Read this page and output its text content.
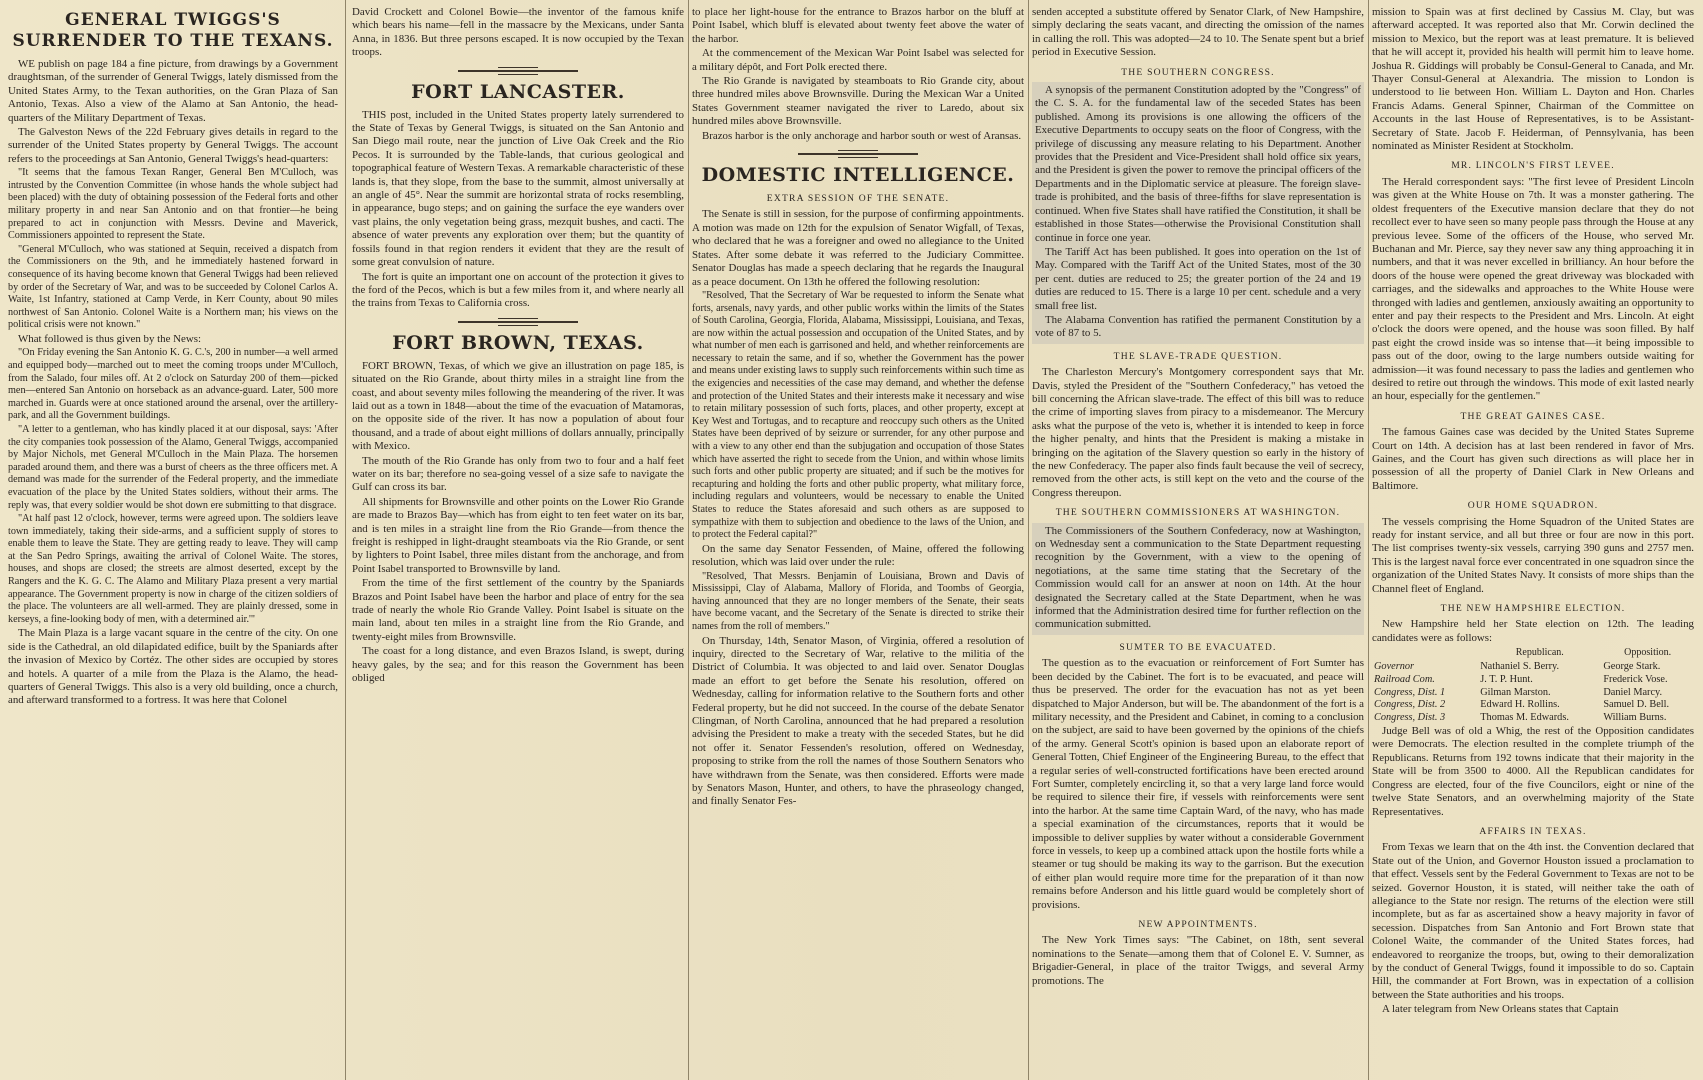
GENERAL TWIGGS'S SURRENDER TO THE TEXANS.

WE publish on page 184 a fine picture, from drawings by a Government draughtsman, of the surrender of General Twiggs, lately dismissed from the United States Army, to the Texan authorities, on the Gran Plaza of San Antonio, Texas. Also a view of the Alamo at San Antonio, the head-quarters of the Military Department of Texas.

The Galveston News of the 22d February gives details in regard to the surrender of the United States property by General Twiggs. The account refers to the proceedings at San Antonio, General Twiggs's head-quarters:

"It seems that the famous Texan Ranger, General Ben M'Culloch, was intrusted by the Convention Committee (in whose hands the whole subject had been placed) with the duty of obtaining possession of the Federal forts and other military property in and near San Antonio and on that frontier—he being prepared to act in conjunction with Messrs. Devine and Maverick, Commissioners appointed to represent the State.

"General M'Culloch, who was stationed at Sequin, received a dispatch from the Commissioners on the 9th, and he immediately hastened forward in consequence of its having become known that General Twiggs had been relieved by order of the Secretary of War, and was to be succeeded by Colonel Carlos A. Waite, 1st Infantry, stationed at Camp Verde, in Kerr County, about 90 miles northwest of San Antonio. Colonel Waite is a Northern man; his views on the political crisis were not known."

What followed is thus given by the News:

"On Friday evening the San Antonio K. G. C.'s, 200 in number—a well armed and equipped body—marched out to meet the coming troops under M'Culloch, from the Salado, four miles off. At 2 o'clock on Saturday 200 of them—picked men—entered San Antonio on horseback as an advance-guard. Later, 500 more marched in. Guards were at once stationed around the arsenal, over the artillery-park, and all the Government buildings.

"A letter to a gentleman, who has kindly placed it at our disposal, says: 'After the city companies took possession of the Alamo, General Twiggs, accompanied by Major Nichols, met General M'Culloch in the Main Plaza. The horsemen paraded around them, and there was a burst of cheers as the three officers met. A demand was made for the surrender of the Federal property, and the immediate evacuation of the place by the United States soldiers, without their arms. The reply was, that every soldier would be shot down ere submitting to that disgrace.

"At half past 12 o'clock, however, terms were agreed upon. The soldiers leave town immediately, taking their side-arms, and a sufficient supply of stores to enable them to leave the State. They are getting ready to leave. They will camp at the San Pedro Springs, awaiting the arrival of Colonel Waite. The stores, houses, and shops are closed; the streets are almost deserted, except by the Rangers and the K. G. C. The Alamo and Military Plaza present a very martial appearance. The Government property is now in charge of the citizen soldiers of the place. The volunteers are all well-armed. They are plainly dressed, some in kerseys, a fine-looking body of men, with a determined air.'"

The Main Plaza is a large vacant square in the centre of the city. On one side is the Cathedral, an old dilapidated edifice, built by the Spaniards after the invasion of Mexico by Cortéz. The other sides are occupied by stores and hotels. A quarter of a mile from the Plaza is the Alamo, the head-quarters of General Twiggs. This also is a very old building, once a church, and afterward transformed to a fortress. It was here that Colonel

David Crockett and Colonel Bowie—the inventor of the famous knife which bears his name—fell in the massacre by the Mexicans, under Santa Anna, in 1836. But three persons escaped. It is now occupied by the Texan troops.

FORT LANCASTER.

THIS post, included in the United States property lately surrendered to the State of Texas by General Twiggs, is situated on the San Antonio and San Diego mail route, near the junction of Live Oak Creek and the Rio Pecos. It is surrounded by the Table-lands, that curious geological and topographical feature of Western Texas. A remarkable characteristic of these lands is, that they slope, from the base to the summit, almost universally at an angle of 45°. Near the summit are horizontal strata of rocks resembling, in appearance, bugo steps; and on gaining the surface the eye wanders over vast plains, the only vegetation being grass, mezquit bushes, and cacti. The absence of water prevents any exploration over them; but the quantity of fossils found in that region renders it evident that they are the result of some great convulsion of nature.

The fort is quite an important one on account of the protection it gives to the ford of the Pecos, which is but a few miles from it, and where nearly all the trains from Texas to California cross.

FORT BROWN, TEXAS.

FORT BROWN, Texas, of which we give an illustration on page 185, is situated on the Rio Grande, about thirty miles in a straight line from the coast, and about seventy miles following the meandering of the river. It was laid out as a town in 1848—about the time of the evacuation of Matamoras, on the opposite side of the river. It has now a population of about four thousand, and a trade of about eight millions of dollars annually, principally with Mexico.

The mouth of the Rio Grande has only from two to four and a half feet water on its bar; therefore no sea-going vessel of a size safe to navigate the Gulf can cross its bar.

All shipments for Brownsville and other points on the Lower Rio Grande are made to Brazos Bay—which has from eight to ten feet water on its bar, and is ten miles in a straight line from the Rio Grande—from thence the freight is reshipped in light-draught steamboats via the Rio Grande, or sent by lighters to Point Isabel, three miles distant from the anchorage, and from Point Isabel transported to Brownsville by land.

From the time of the first settlement of the country by the Spaniards Brazos and Point Isabel have been the harbor and place of entry for the sea trade of nearly the whole Rio Grande Valley. Point Isabel is situate on the main land, about ten miles in a straight line from the Rio Grande, and twenty-eight miles from Brownsville.

The coast for a long distance, and even Brazos Island, is swept, during heavy gales, by the sea; and for this reason the Government has been obliged

to place her light-house for the entrance to Brazos harbor on the bluff at Point Isabel, which bluff is elevated about twenty feet above the water of the harbor.

At the commencement of the Mexican War Point Isabel was selected for a military dépôt, and Fort Polk erected there.

The Rio Grande is navigated by steamboats to Rio Grande city, about three hundred miles above Brownsville. During the Mexican War a United States Government steamer navigated the river to Laredo, about six hundred miles above Brownsville.

Brazos harbor is the only anchorage and harbor south or west of Aransas.

DOMESTIC INTELLIGENCE.
EXTRA SESSION OF THE SENATE.

The Senate is still in session, for the purpose of confirming appointments. A motion was made on 12th for the expulsion of Senator Wigfall, of Texas, who declared that he was a foreigner and owed no allegiance to the United States. After some debate it was referred to the Judiciary Committee. Senator Douglas has made a speech declaring that he regards the Inaugural as a peace document. On 13th he offered the following resolution:

"Resolved, That the Secretary of War be requested to inform the Senate what forts, arsenals, navy yards, and other public works within the limits of the States of South Carolina, Georgia, Florida, Alabama, Mississippi, Louisiana, and Texas, are now within the actual possession and occupation of the United States, and by what number of men each is garrisoned and held, and whether reinforcements are necessary to retain the same, and if so, whether the Government has the power and means under existing laws to supply such reinforcements within such time as the exigencies and necessities of the case may demand, and whether the defense and protection of the United States and their interests make it necessary and wise to retain military possession of such forts, places, and other property, except at Key West and Tortugas, and to recapture and reoccupy such others as the United States have been deprived of by seizure or surrender, for any other purpose and with a view to any other end than the subjugation and occupation of those States which have asserted the right to secede from the Union, and within whose limits such forts and other public property are situated; and if such be the motives for recapturing and holding the forts and other public property, what military force, including regulars and volunteers, would be necessary to enable the United States to reduce the States aforesaid and such others as are supposed to sympathize with them to subjection and obedience to the laws of the Union, and to protect the Federal capital?"

On the same day Senator Fessenden, of Maine, offered the following resolution, which was laid over under the rule:

"Resolved, That Messrs. Benjamin of Louisiana, Brown and Davis of Mississippi, Clay of Alabama, Mallory of Florida, and Toombs of Georgia, having announced that they are no longer members of the Senate, their seats have become vacant, and the Secretary of the Senate is directed to strike their names from the roll of members."

On Thursday, 14th, Senator Mason, of Virginia, offered a resolution of inquiry, directed to the Secretary of War, relative to the militia of the District of Columbia. It was objected to and laid over. Senator Douglas made an effort to get before the Senate his resolution, offered on Wednesday, calling for information relative to the Southern forts and other Federal property, but he did not succeed. In the course of the debate Senator Clingman, of North Carolina, announced that he had prepared a resolution advising the President to make a treaty with the seceded States, but he did not offer it. Senator Fessenden's resolution, offered on Wednesday, proposing to strike from the roll the names of those Southern Senators who have withdrawn from the Senate, was then considered. Efforts were made by Senators Mason, Hunter, and others, to have the phraseology changed, and finally Senator Fes-

senden accepted a substitute offered by Senator Clark, of New Hampshire, simply declaring the seats vacant, and directing the omission of the names in calling the roll. This was adopted—24 to 10. The Senate spent but a brief period in Executive Session.

THE SOUTHERN CONGRESS.

A synopsis of the permanent Constitution adopted by the "Congress" of the C. S. A. for the fundamental law of the seceded States has been published. Among its provisions is one allowing the officers of the Executive Departments to occupy seats on the floor of Congress, with the privilege of discussing any measure relating to his Department. Another provides that the President and Vice-President shall hold office six years, and the President is given the power to remove the principal officers of the Departments and in the Diplomatic service at pleasure. The foreign slave-trade is prohibited, and the basis of three-fifths for slave representation is continued. When five States shall have ratified the Constitution, it shall be established in those States—otherwise the Provisional Constitution shall continue in force one year.

The Tariff Act has been published. It goes into operation on the 1st of May. Compared with the Tariff Act of the United States, most of the 30 per cent. duties are reduced to 25; the greater portion of the 24 and 19 duties are reduced to 15. There is a large 10 per cent. schedule and a very small free list.

The Alabama Convention has ratified the permanent Constitution by a vote of 87 to 5.

THE SLAVE-TRADE QUESTION.

The Charleston Mercury's Montgomery correspondent says that Mr. Davis, styled the President of the "Southern Confederacy," has vetoed the bill concerning the African slave-trade. The effect of this bill was to reduce the crime of importing slaves from piracy to a misdemeanor. The Mercury asks what the purpose of the veto is, whether it is intended to keep in force the higher penalty, and hints that the President is making a mistake in bringing on the agitation of the Slavery question so early in the history of the new Confederacy. The paper also finds fault because the veil of secrecy, removed from the other acts, is still kept on the veto and the course of the Congress thereupon.

THE SOUTHERN COMMISSIONERS AT WASHINGTON.

The Commissioners of the Southern Confederacy, now at Washington, on Wednesday sent a communication to the State Department requesting recognition by the Government, with a view to the opening of negotiations, at the same time stating that the Secretary of the Commission would call for an answer at noon on 14th. At the hour designated the Secretary called at the State Department, when he was informed that the Administration desired time for further reflection on the communication submitted.

SUMTER TO BE EVACUATED.

The question as to the evacuation or reinforcement of Fort Sumter has been decided by the Cabinet. The fort is to be evacuated, and peace will thus be preserved. The order for the evacuation has not as yet been dispatched to Major Anderson, but will be. The abandonment of the fort is a military necessity, and the President and Cabinet, in coming to a conclusion on the subject, are said to have been governed by the opinions of the chiefs of the army. General Scott's opinion is based upon an elaborate report of General Totten, Chief Engineer of the Engineering Bureau, to the effect that a regular series of well-constructed fortifications have been erected around Fort Sumter, completely encircling it, so that a very large land force would be required to silence their fire, if vessels with reinforcements were sent into the harbor. At the same time Captain Ward, of the navy, who has made a special examination of the circumstances, reports that it would be impossible to deliver supplies by water without a considerable Government force in vessels, to keep up a combined attack upon the hostile forts while a steamer or tug should be making its way to the garrison. But the execution of either plan would require more time for the preparation of it than now remains before Anderson and his little guard would be completely short of provisions.

NEW APPOINTMENTS.

The New York Times says: "The Cabinet, on 18th, sent several nominations to the Senate—among them that of Colonel E. V. Sumner, as Brigadier-General, in place of the traitor Twiggs, and several Army promotions. The

mission to Spain was at first declined by Cassius M. Clay, but was afterward accepted. It was reported also that Mr. Corwin declined the mission to Mexico, but the report was at least premature. It is believed that he will accept it, provided his health will permit him to leave home. Joshua R. Giddings will probably be Consul-General to Canada, and Mr. Thayer Consul-General at Alexandria. The mission to London is understood to lie between Hon. William L. Dayton and Hon. Charles Francis Adams. General Spinner, Chairman of the Committee on Accounts in the last House of Representatives, is to be Assistant-Secretary of State. Jacob F. Heiderman, of Pennsylvania, has been nominated as Minister Resident at Stockholm.

MR. LINCOLN'S FIRST LEVEE.

The Herald correspondent says: "The first levee of President Lincoln was given at the White House on 7th. It was a monster gathering. The oldest frequenters of the Executive mansion declare that they do not recollect ever to have seen so many people pass through the House at any previous levee. Some of the officers of the House, who served Mr. Buchanan and Mr. Pierce, say they never saw any thing approaching it in numbers, and that it was never excelled in brilliancy. An hour before the doors of the house were opened the great driveway was blockaded with carriages, and the sidewalks and approaches to the White House were thronged with ladies and gentlemen, anxiously awaiting an opportunity to enter and pay their respects to the President and Mrs. Lincoln. At eight o'clock the doors were opened, and the house was soon filled. By half past eight the crowd inside was so intense that—it being impossible to pass out of the door, owing to the large numbers outside waiting for admission—it was found necessary to pass the ladies and gentlemen who desired to retire out through the windows. This mode of exit lasted nearly an hour, especially for the gentlemen."

THE GREAT GAINES CASE.

The famous Gaines case was decided by the United States Supreme Court on 14th. A decision has at last been rendered in favor of Mrs. Gaines, and the Court has given such directions as will place her in possession of all the property of Daniel Clark in New Orleans and Baltimore.

OUR HOME SQUADRON.

The vessels comprising the Home Squadron of the United States are ready for instant service, and all but three or four are now in this port. The list comprises twenty-six vessels, carrying 390 guns and 2757 men. This is the largest naval force ever concentrated in one squadron since the organization of the United States Navy. It consists of more ships than the Channel fleet of England.

THE NEW HAMPSHIRE ELECTION.

New Hampshire held her State election on 12th. The leading candidates were as follows:

	Republican.	Opposition.
Governor	Nathaniel S. Berry.	George Stark.
Railroad Com.	J. T. P. Hunt.	Frederick Vose.
Congress, Dist. 1	Gilman Marston.	Daniel Marcy.
Congress, Dist. 2	Edward H. Rollins.	Samuel D. Bell.
Congress, Dist. 3	Thomas M. Edwards.	William Burns.

Judge Bell was of old a Whig, the rest of the Opposition candidates were Democrats. The election resulted in the complete triumph of the Republicans. Returns from 192 towns indicate that their majority in the State will be from 3500 to 4000. All the Republican candidates for Congress are elected, four of the five Councilors, eight or nine of the twelve State Senators, and an overwhelming majority of the State Representatives.

AFFAIRS IN TEXAS.

From Texas we learn that on the 4th inst. the Convention declared that State out of the Union, and Governor Houston issued a proclamation to that effect. Vessels sent by the Federal Government to Texas are not to be seized. Governor Houston, it is stated, will neither take the oath of allegiance to the State nor resign. The returns of the election were still incomplete, but as far as ascertained show a heavy majority in favor of secession. Dispatches from San Antonio and Fort Brown state that Colonel Waite, the commander of the United States forces, had endeavored to reorganize the troops, but, owing to their demoralization by the conduct of General Twiggs, found it impossible to do so. Captain Hill, the commander at Fort Brown, was in expectation of a collision between the State authorities and his troops.

A later telegram from New Orleans states that Captain
